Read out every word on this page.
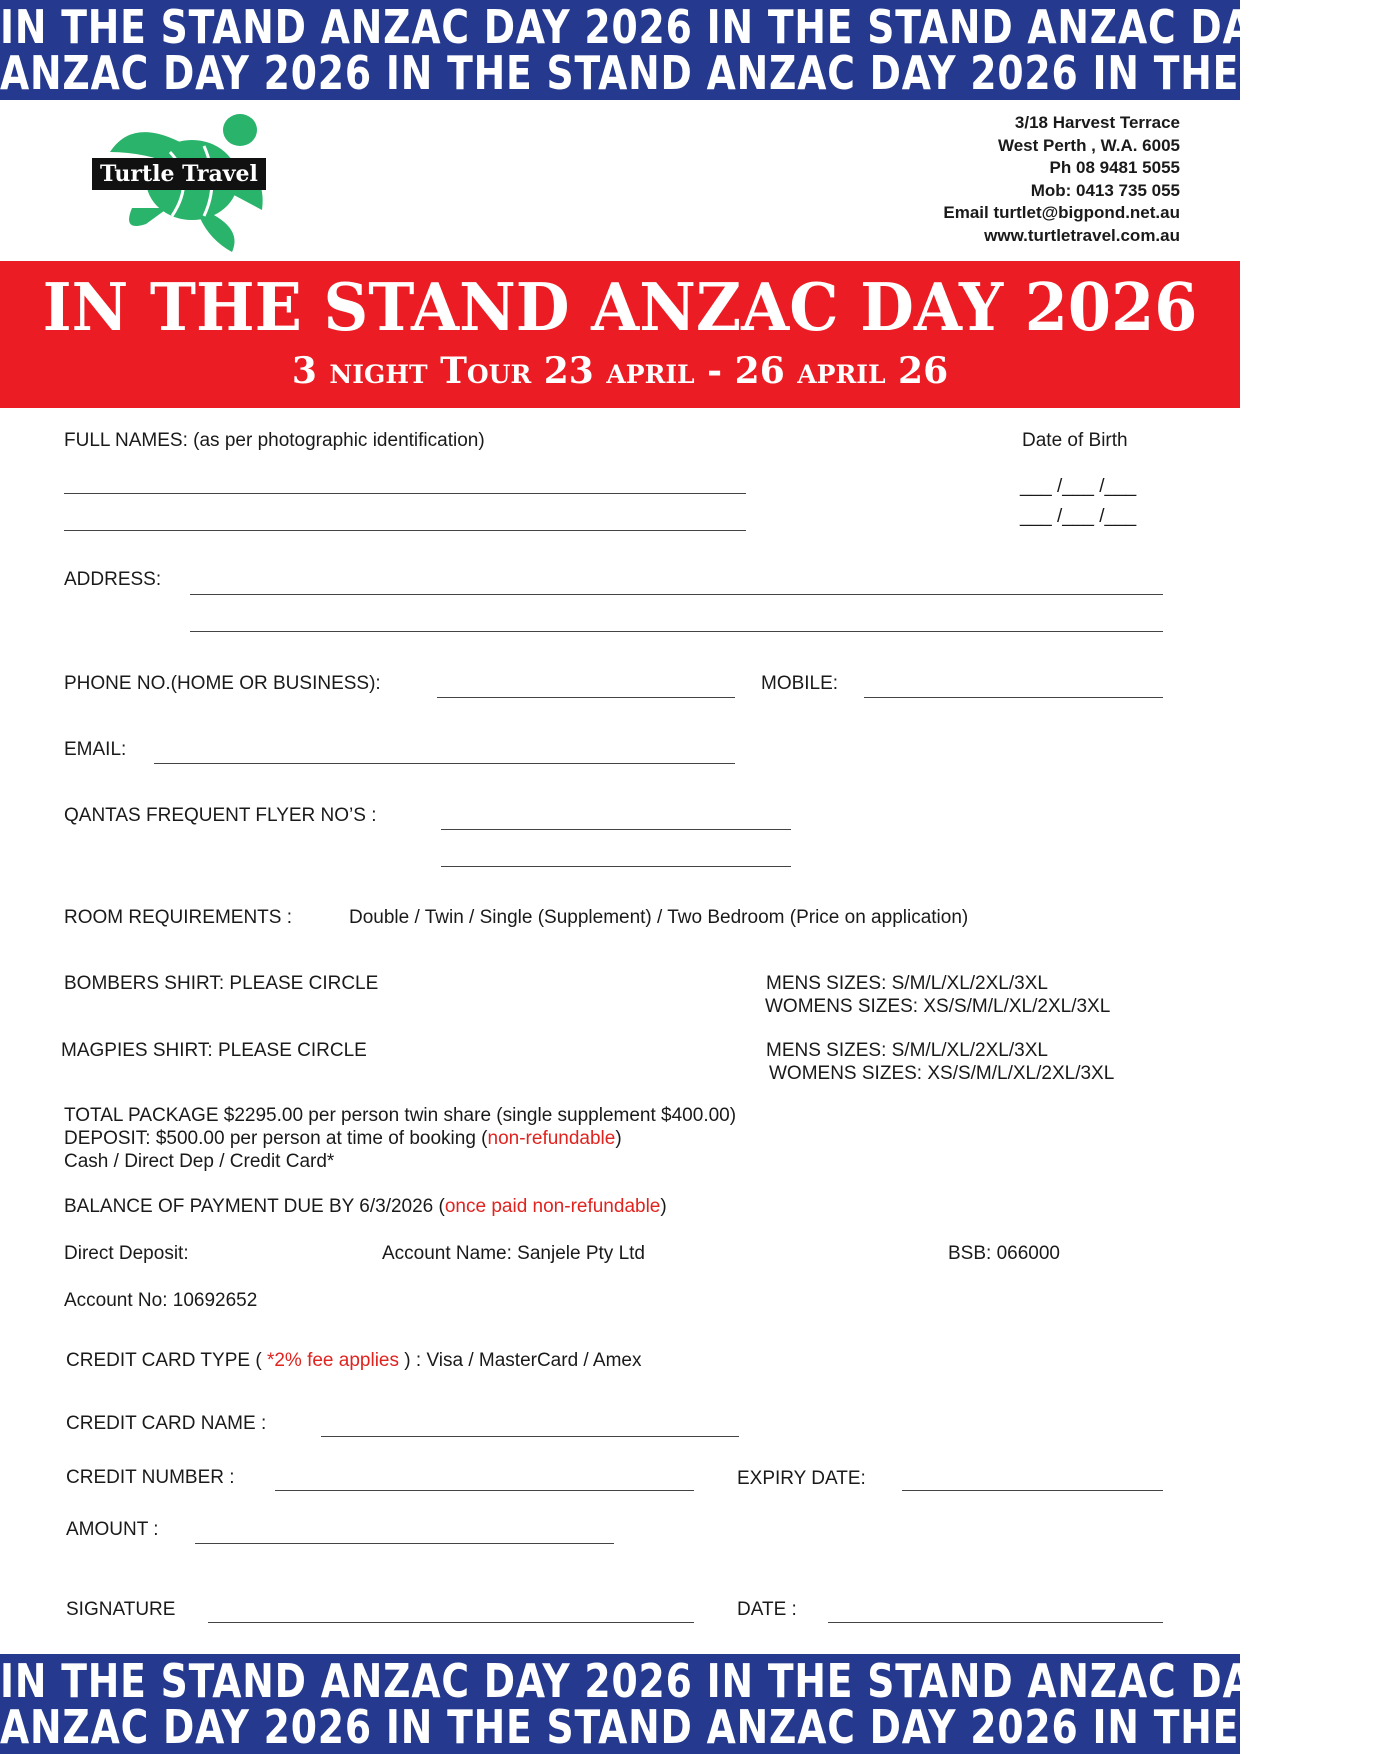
IN THE STAND ANZAC DAY 2026 IN THE STAND ANZAC DAY 2026
ANZAC DAY 2026 IN THE STAND ANZAC DAY 2026 IN THE STAND
Turtle Travel
3/18 Harvest Terrace
West Perth , W.A. 6005
Ph 08 9481 5055
Mob: 0413 735 055
Email turtlet@bigpond.net.au
www.turtletravel.com.au
IN THE STAND ANZAC DAY 2026
3 night Tour 23 april - 26 april 26
FULL NAMES: (as per photographic identification)	Date of Birth
___ /___ /___
___ /___ /___
ADDRESS:
PHONE NO.(HOME OR BUSINESS):	MOBILE:
EMAIL:
QANTAS FREQUENT FLYER NO’S :
ROOM REQUIREMENTS :	Double / Twin / Single (Supplement) / Two Bedroom (Price on application)
BOMBERS SHIRT: PLEASE CIRCLE	MENS SIZES: S/M/L/XL/2XL/3XL
WOMENS SIZES: XS/S/M/L/XL/2XL/3XL
MAGPIES SHIRT: PLEASE CIRCLE	MENS SIZES: S/M/L/XL/2XL/3XL
WOMENS SIZES: XS/S/M/L/XL/2XL/3XL
TOTAL PACKAGE $2295.00 per person twin share (single supplement $400.00)
DEPOSIT: $500.00 per person at time of booking (non-refundable)
Cash / Direct Dep / Credit Card*
BALANCE OF PAYMENT DUE BY 6/3/2026 (once paid non-refundable)
Direct Deposit:	Account Name: Sanjele Pty Ltd	BSB: 066000
Account No: 10692652
CREDIT CARD TYPE ( *2% fee applies ) : Visa / MasterCard / Amex
CREDIT CARD NAME :
CREDIT NUMBER :	EXPIRY DATE:
AMOUNT :
SIGNATURE	DATE :
IN THE STAND ANZAC DAY 2026 IN THE STAND ANZAC DAY 2026
ANZAC DAY 2026 IN THE STAND ANZAC DAY 2026 IN THE STAND
